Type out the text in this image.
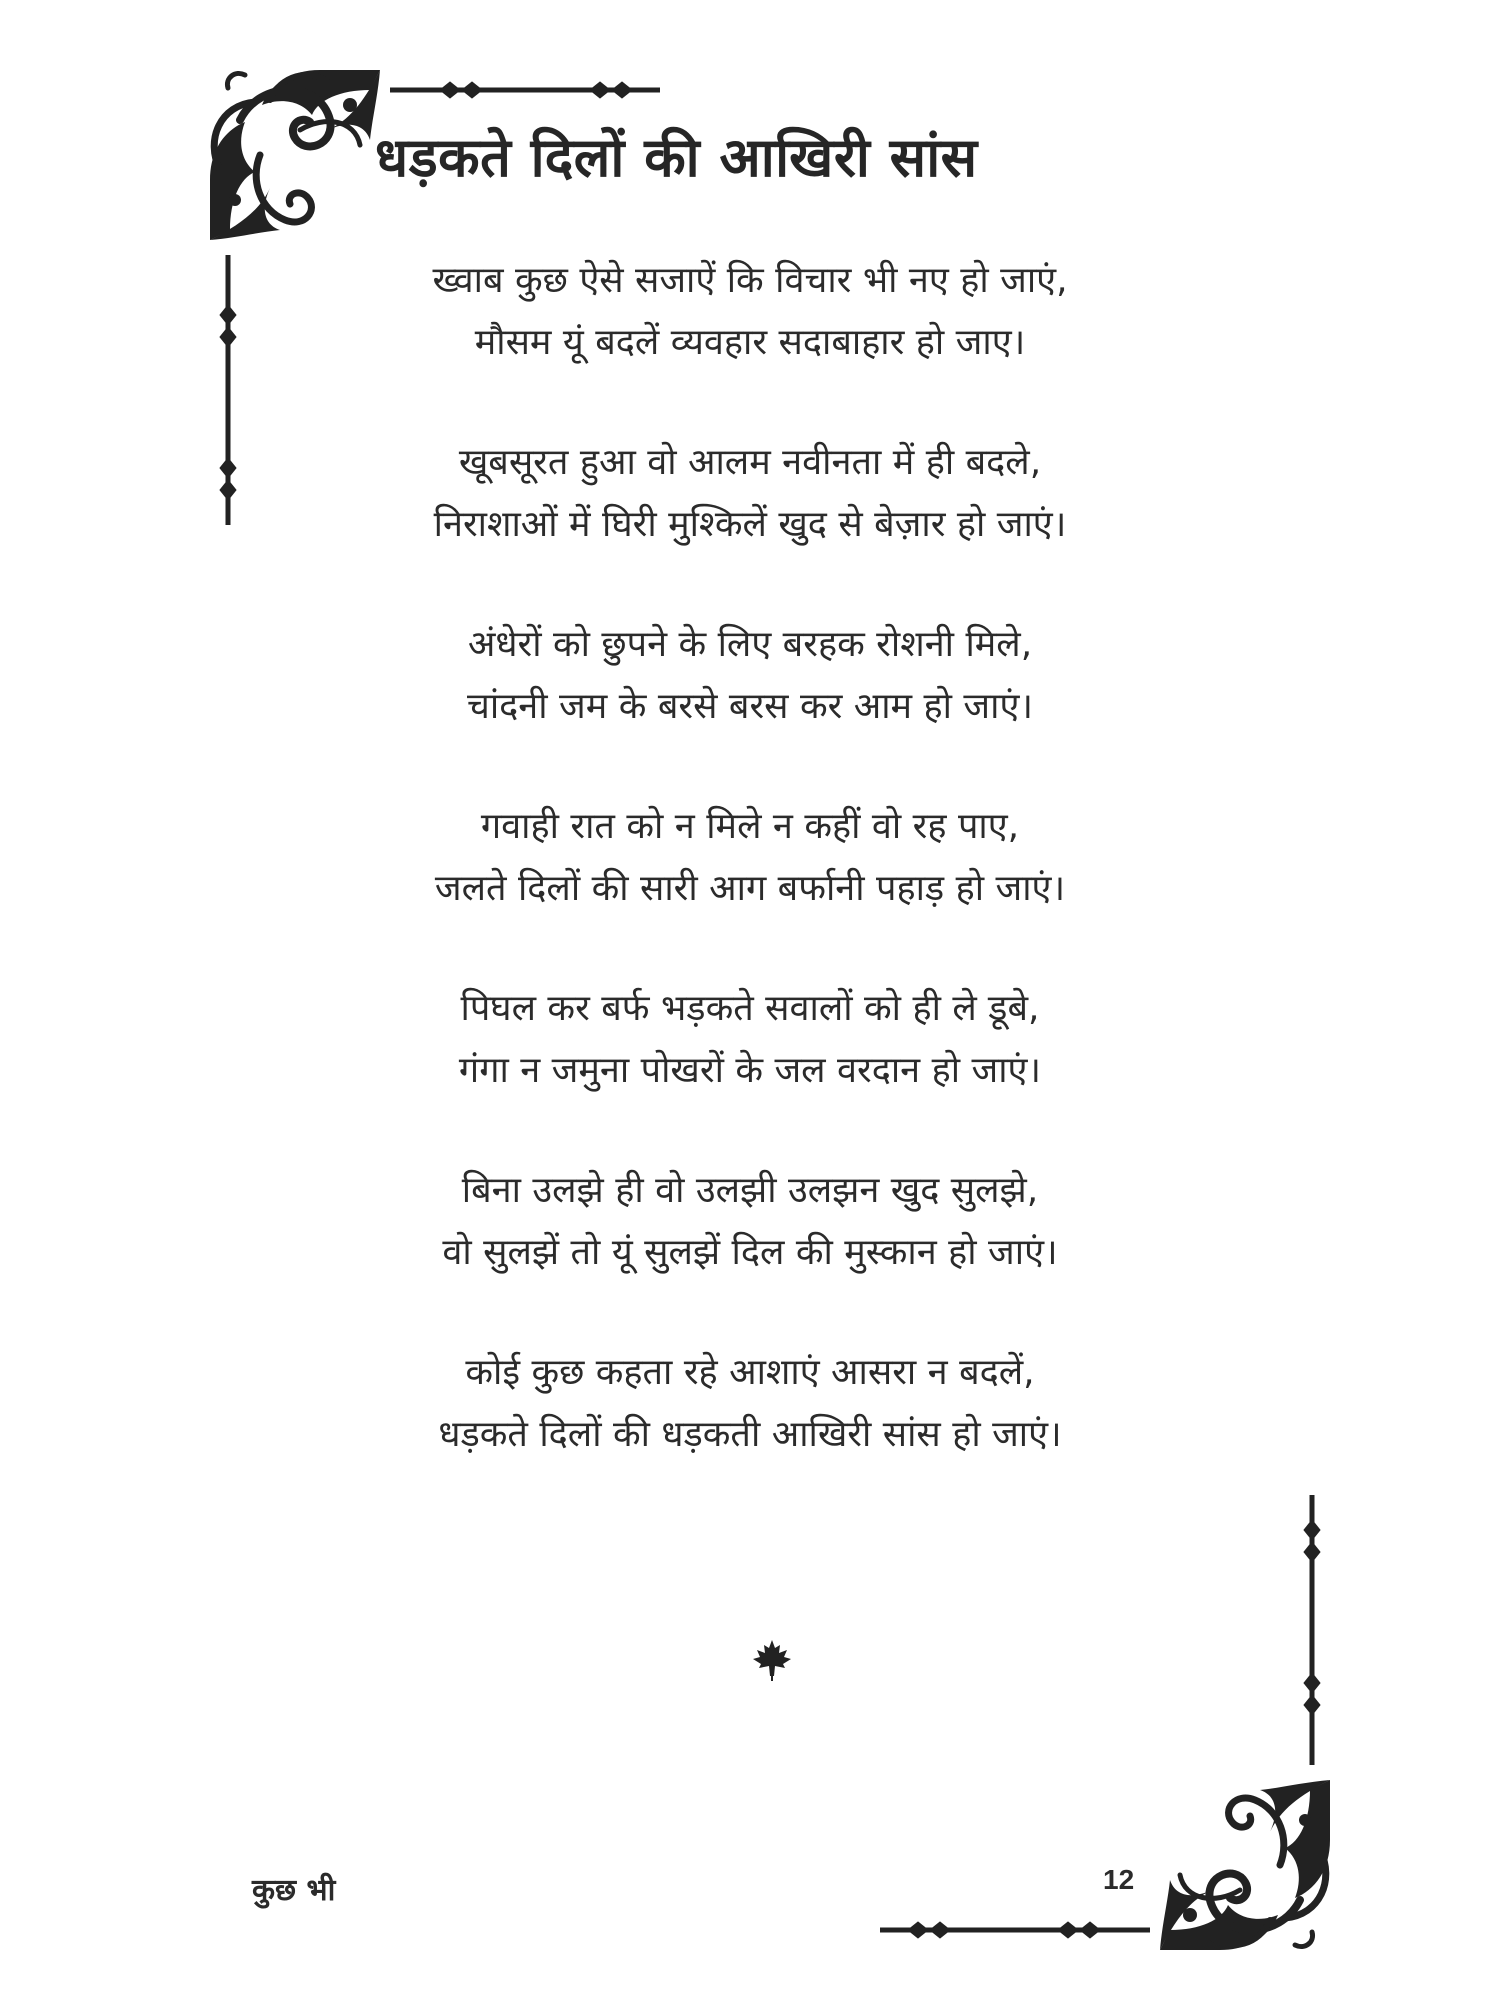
धड़कते दिलों की आखिरी सांस
ख्वाब कुछ ऐसे सजाऐं कि विचार भी नए हो जाएं,
मौसम यूं बदलें व्यवहार सदाबाहार हो जाए।
खूबसूरत हुआ वो आलम नवीनता में ही बदले,
निराशाओं में घिरी मुश्किलें खुद से बेज़ार हो जाएं।
अंधेरों को छुपने के लिए बरहक रोशनी मिले,
चांदनी जम के बरसे बरस कर आम हो जाएं।
गवाही रात को न मिले न कहीं वो रह पाए,
जलते दिलों की सारी आग बर्फानी पहाड़ हो जाएं।
पिघल कर बर्फ भड़कते सवालों को ही ले डूबे,
गंगा न जमुना पोखरों के जल वरदान हो जाएं।
बिना उलझे ही वो उलझी उलझन खुद सुलझे,
वो सुलझें तो यूं सुलझें दिल की मुस्कान हो जाएं।
कोई कुछ कहता रहे आशाएं आसरा न बदलें,
धड़कते दिलों की धड़कती आखिरी सांस हो जाएं।
कुछ भी	12
